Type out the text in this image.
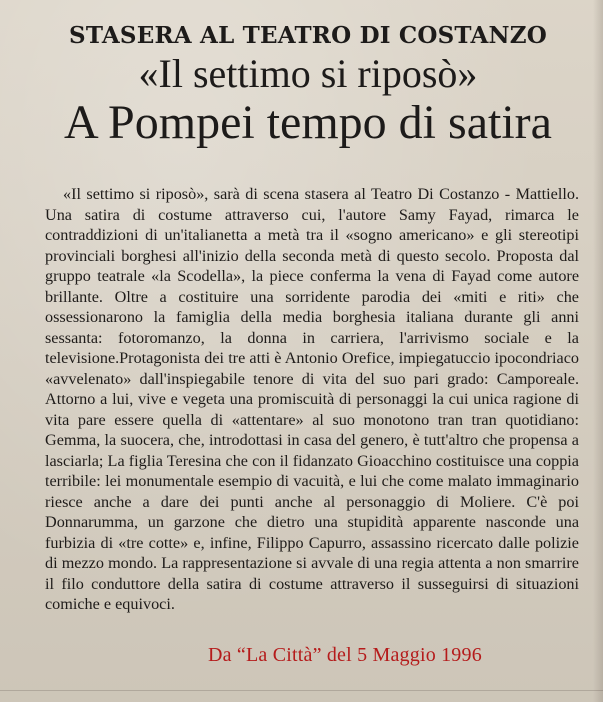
STASERA AL TEATRO DI COSTANZO
«Il settimo si riposò»
A Pompei tempo di satira

«Il settimo si riposò», sarà di scena stasera al Teatro Di Costanzo - Mattiello. Una satira di costume attraverso cui, l'autore Samy Fayad, rimarca le contraddizioni di un'italianetta a metà tra il «sogno americano» e gli stereotipi provinciali borghesi all'inizio della seconda metà di questo secolo. Proposta dal gruppo teatrale «la Scodella», la piece conferma la vena di Fayad come autore brillante. Oltre a costituire una sorridente parodia dei «miti e riti» che ossessionarono la famiglia della media borghesia italiana durante gli anni sessanta: fotoromanzo, la donna in carriera, l'arrivismo sociale e la televisione.Protagonista dei tre atti è Antonio Orefice, impiegatuccio ipocondriaco «avvelenato» dall'inspiegabile tenore di vita del suo pari grado: Camporeale. Attorno a lui, vive e vegeta una promiscuità di personaggi la cui unica ragione di vita pare essere quella di «attentare» al suo monotono tran tran quotidiano: Gemma, la suocera, che, introdottasi in casa del genero, è tutt'altro che propensa a lasciarla; La figlia Teresina che con il fidanzato Gioacchino costituisce una coppia terribile: lei monumentale esempio di vacuità, e lui che come malato immaginario riesce anche a dare dei punti anche al personaggio di Moliere. C'è poi Donnarumma, un garzone che dietro una stupidità apparente nasconde una furbizia di «tre cotte» e, infine, Filippo Capurro, assassino ricercato dalle polizie di mezzo mondo. La rappresentazione si avvale di una regia attenta a non smarrire il filo conduttore della satira di costume attraverso il susseguirsi di situazioni comiche e equivoci.

Da “La Città” del 5 Maggio 1996
